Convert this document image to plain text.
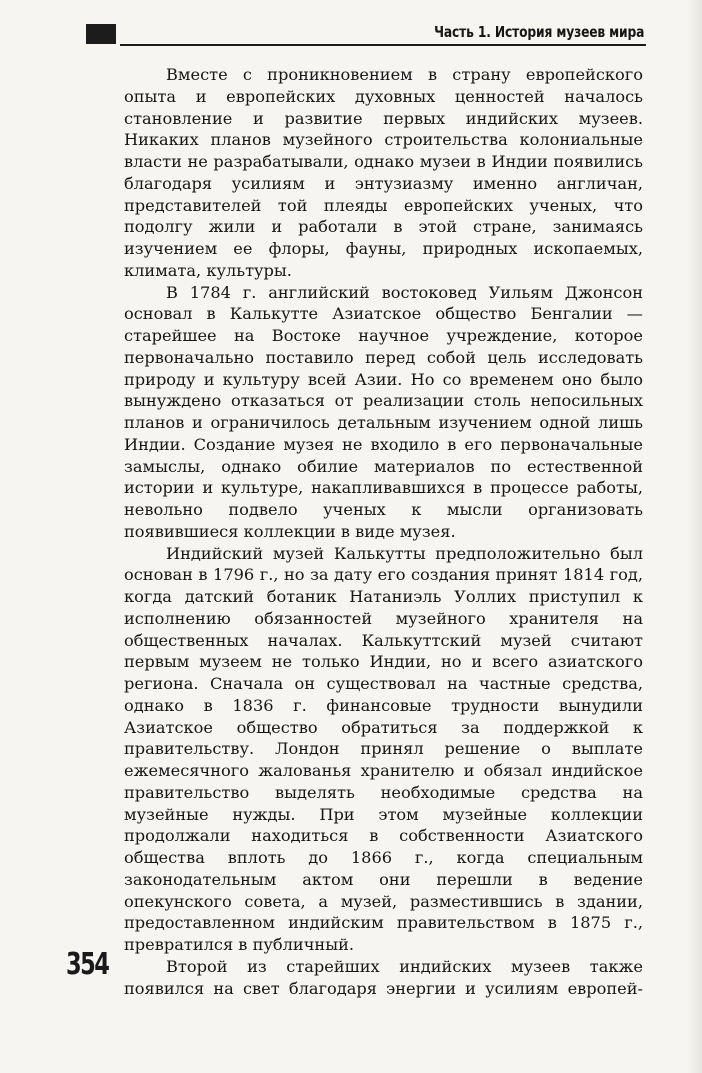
Часть 1. История музеев мира

Вместе с проникновением в страну европейского опыта и европейских духовных ценностей началось становление и развитие первых индийских музеев. Никаких планов музейного строительства колониальные власти не разрабатывали, однако музеи в Индии появились благодаря усилиям и энтузиазму именно англичан, представителей той плеяды европейских ученых, что подолгу жили и работали в этой стране, занимаясь изучением ее флоры, фауны, природных ископаемых, климата, культуры.

В 1784 г. английский востоковед Уильям Джонсон основал в Калькутте Азиатское общество Бенгалии — старейшее на Востоке научное учреждение, которое первоначально поставило перед собой цель исследовать природу и культуру всей Азии. Но со временем оно было вынуждено отказаться от реализации столь непосильных планов и ограничилось детальным изучением одной лишь Индии. Создание музея не входило в его первоначальные замыслы, однако обилие материалов по естественной истории и культуре, накапливавшихся в процессе работы, невольно подвело ученых к мысли организовать появившиеся коллекции в виде музея.

Индийский музей Калькутты предположительно был основан в 1796 г., но за дату его создания принят 1814 год, когда датский ботаник Натаниэль Уоллих приступил к исполнению обязанностей музейного хранителя на общественных началах. Калькуттский музей считают первым музеем не только Индии, но и всего азиатского региона. Сначала он существовал на частные средства, однако в 1836 г. финансовые трудности вынудили Азиатское общество обратиться за поддержкой к правительству. Лондон принял решение о выплате ежемесячного жалованья хранителю и обязал индийское правительство выделять необходимые средства на музейные нужды. При этом музейные коллекции продолжали находиться в собственности Азиатского общества вплоть до 1866 г., когда специальным законодательным актом они перешли в ведение опекунского совета, а музей, разместившись в здании, предоставленном индийским правительством в 1875 г., превратился в публичный.

Второй из старейших индийских музеев также появился на свет благодаря энергии и усилиям европей-

354
